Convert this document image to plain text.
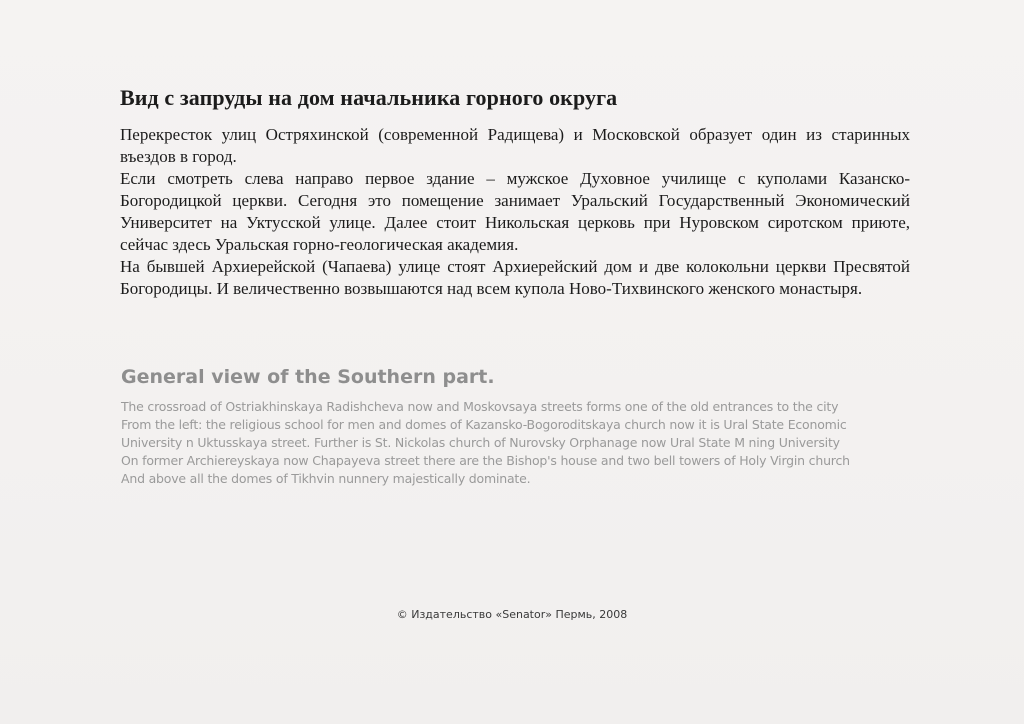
Вид с запруды на дом начальника горного округа

Перекресток улиц Остряхинской (современной Радищева) и Московской образует один из старинных въездов в город.

Если смотреть слева направо первое здание – мужское Духовное училище с куполами Казанско-Богородицкой церкви. Сегодня это помещение занимает Уральский Государственный Экономический Университет на Уктусской улице. Далее стоит Никольская церковь при Нуровском сиротском приюте, сейчас здесь Уральская горно-геологическая академия.

На бывшей Архиерейской (Чапаева) улице стоят Архиерейский дом и две колокольни церкви Пресвятой Богородицы. И величественно возвышаются над всем купола Ново-Тихвинского женского монастыря.

General view of the Southern part.

The crossroad of Ostriakhinskaya Radishcheva now and Moskovsaya streets forms one of the old entrances to the city

From the left: the religious school for men and domes of Kazansko-Bogoroditskaya church now it is Ural State Economic

University n Uktusskaya street. Further is St. Nickolas church of Nurovsky Orphanage now Ural State M ning University

On former Archiereyskaya now Chapayeva street there are the Bishop's house and two bell towers of Holy Virgin church

And above all the domes of Tikhvin nunnery majestically dominate.

© Издательство «Senator» Пермь, 2008
